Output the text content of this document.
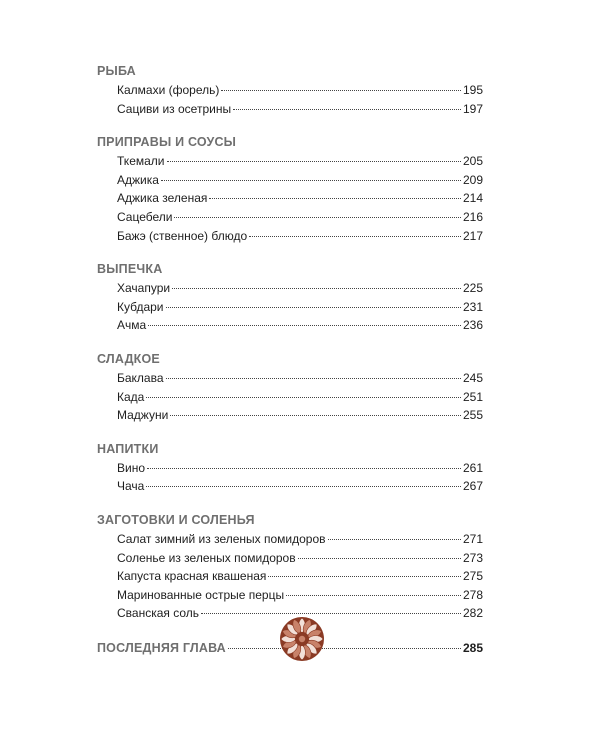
РЫБА
Калмахи (форель)	195
Сациви из осетрины	197
ПРИПРАВЫ И СОУСЫ
Ткемали	205
Аджика	209
Аджика зеленая	214
Сацебели	216
Бажэ (ственное) блюдо	217
ВЫПЕЧКА
Хачапури	225
Кубдари	231
Ачма	236
СЛАДКОЕ
Баклава	245
Када	251
Маджуни	255
НАПИТКИ
Вино	261
Чача	267
ЗАГОТОВКИ И СОЛЕНЬЯ
Салат зимний из зеленых помидоров	271
Соленье из зеленых помидоров	273
Капуста красная квашеная	275
Маринованные острые перцы	278
Сванская соль	282
ПОСЛЕДНЯЯ ГЛАВА	285
